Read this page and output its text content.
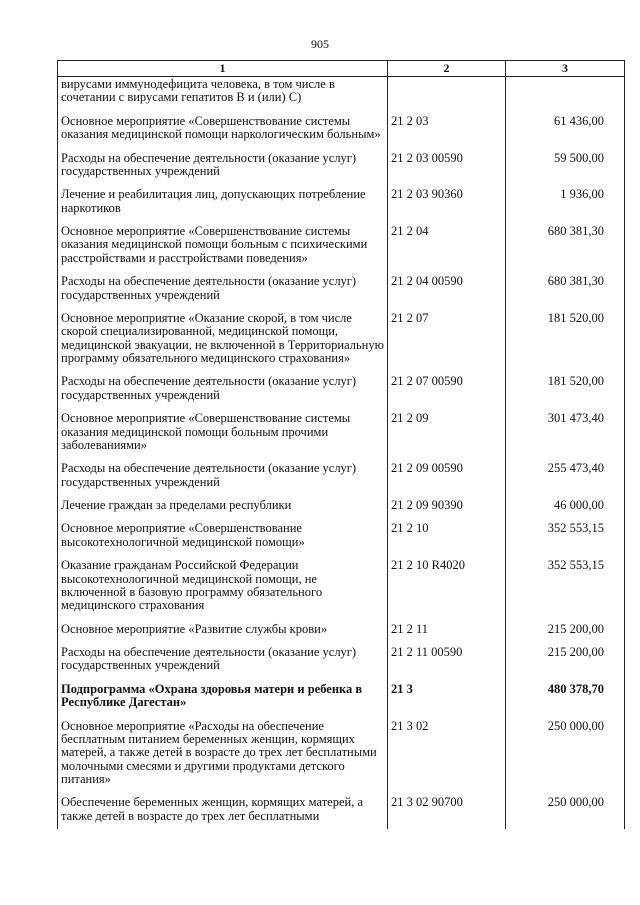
905
1	2	3
вирусами иммунодефицита человека, в том числе в сочетании с вирусами гепатитов В и (или) С)		
Основное мероприятие «Совершенствование системы оказания медицинской помощи наркологическим больным»	21 2 03	61 436,00
Расходы на обеспечение деятельности (оказание услуг) государственных учреждений	21 2 03 00590	59 500,00
Лечение и реабилитация лиц, допускающих потребление наркотиков	21 2 03 90360	1 936,00
Основное мероприятие «Совершенствование системы оказания медицинской помощи больным с психическими расстройствами и расстройствами поведения»	21 2 04	680 381,30
Расходы на обеспечение деятельности (оказание услуг) государственных учреждений	21 2 04 00590	680 381,30
Основное мероприятие «Оказание скорой, в том числе скорой специализированной, медицинской помощи, медицинской эвакуации, не включенной в Территориальную программу обязательного медицинского страхования»	21 2 07	181 520,00
Расходы на обеспечение деятельности (оказание услуг) государственных учреждений	21 2 07 00590	181 520,00
Основное мероприятие «Совершенствование системы оказания медицинской помощи больным прочими заболеваниями»	21 2 09	301 473,40
Расходы на обеспечение деятельности (оказание услуг) государственных учреждений	21 2 09 00590	255 473,40
Лечение граждан за пределами республики	21 2 09 90390	46 000,00
Основное мероприятие «Совершенствование высокотехнологичной медицинской помощи»	21 2 10	352 553,15
Оказание гражданам Российской Федерации высокотехнологичной медицинской помощи, не включенной в базовую программу обязательного медицинского страхования	21 2 10 R4020	352 553,15
Основное мероприятие «Развитие службы крови»	21 2 11	215 200,00
Расходы на обеспечение деятельности (оказание услуг) государственных учреждений	21 2 11 00590	215 200,00
Подпрограмма «Охрана здоровья матери и ребенка в Республике Дагестан»	21 3	480 378,70
Основное мероприятие «Расходы на обеспечение бесплатным питанием беременных женщин, кормящих матерей, а также детей в возрасте до трех лет бесплатными молочными смесями и другими продуктами детского питания»	21 3 02	250 000,00
Обеспечение беременных женщин, кормящих матерей, а также детей в возрасте до трех лет бесплатными	21 3 02 90700	250 000,00
